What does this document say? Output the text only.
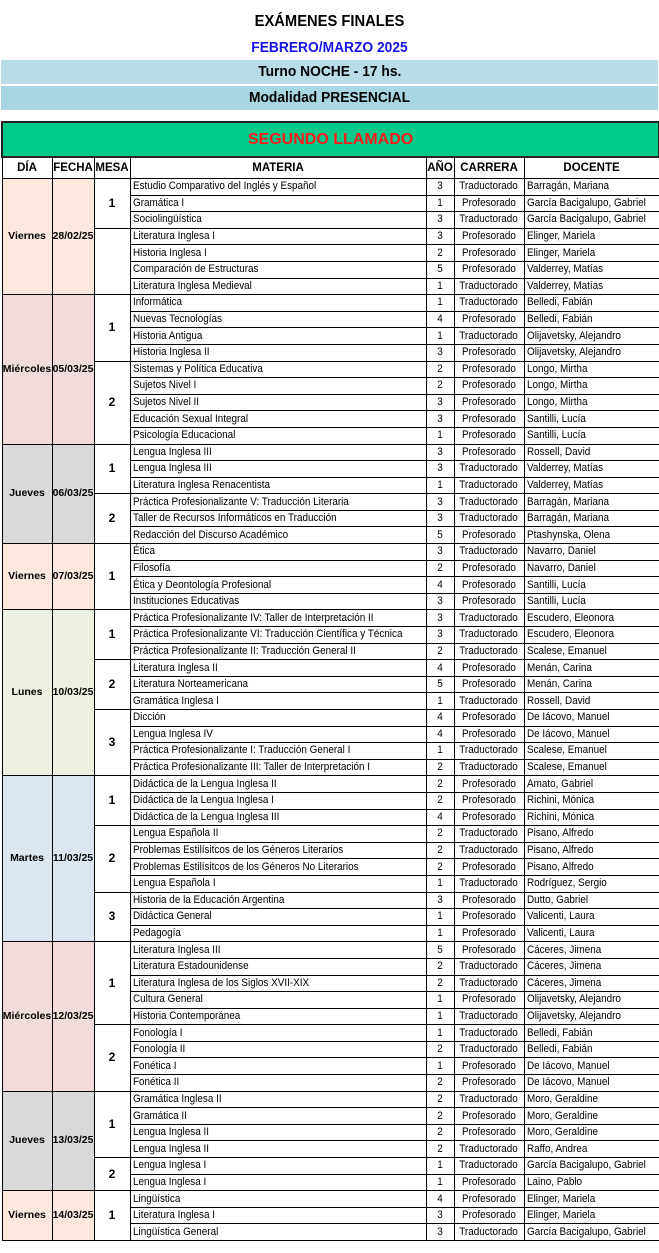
EXÁMENES FINALES
FEBRERO/MARZO 2025
Turno NOCHE - 17 hs.
Modalidad PRESENCIAL
SEGUNDO LLAMADO						
DÍA	FECHA	MESA	MATERIA	AÑO	CARRERA	DOCENTE
Viernes	28/02/25	1	Estudio Comparativo del Inglés y Español	3	Traductorado	Barragán, Mariana
			Gramática I	1	Profesorado	García Bacigalupo, Gabriel
			Sociolingüística	3	Traductorado	García Bacigalupo, Gabriel
			Literatura Inglesa I	3	Profesorado	Elinger, Mariela
			Historia Inglesa I	2	Profesorado	Elinger, Mariela
			Comparación de Estructuras	5	Profesorado	Valderrey, Matías
			Literatura Inglesa Medieval	1	Traductorado	Valderrey, Matías
Miércoles	05/03/25	1	Informática	1	Traductorado	Belledi, Fabián
			Nuevas Tecnologías	4	Profesorado	Belledi, Fabián
			Historia Antigua	1	Traductorado	Olijavetsky, Alejandro
			Historia Inglesa II	3	Profesorado	Olijavetsky, Alejandro
		2	Sistemas y Política Educativa	2	Profesorado	Longo, Mirtha
			Sujetos Nivel I	2	Profesorado	Longo, Mirtha
			Sujetos Nivel II	3	Profesorado	Longo, Mirtha
			Educación Sexual Integral	3	Profesorado	Santilli, Lucía
			Psicología Educacional	1	Profesorado	Santilli, Lucía
Jueves	06/03/25	1	Lengua Inglesa III	3	Profesorado	Rossell, David
			Lengua Inglesa III	3	Traductorado	Valderrey, Matías
			Literatura Inglesa Renacentista	1	Traductorado	Valderrey, Matías
		2	Práctica Profesionalizante V: Traducción Literaria	3	Traductorado	Barragán, Mariana
			Taller de Recursos Informáticos en Traducción	3	Traductorado	Barragán, Mariana
			Redacción del Discurso Académico	5	Profesorado	Ptashynska, Olena
Viernes	07/03/25	1	Ética	3	Traductorado	Navarro, Daniel
			Filosofía	2	Profesorado	Navarro, Daniel
			Ética y Deontología Profesional	4	Profesorado	Santilli, Lucía
			Instituciones Educativas	3	Profesorado	Santilli, Lucía
Lunes	10/03/25	1	Práctica Profesionalizante IV: Taller de Interpretación II	3	Traductorado	Escudero, Eleonora
			Práctica Profesionalizante VI: Traducción Científica y Técnica	3	Traductorado	Escudero, Eleonora
			Práctica Profesionalizante II: Traducción General II	2	Traductorado	Scalese, Emanuel
		2	Literatura Inglesa II	4	Profesorado	Menán, Carina
			Literatura Norteamericana	5	Profesorado	Menán, Carina
			Gramática Inglesa I	1	Traductorado	Rossell, David
		3	Dicción	4	Profesorado	De Iácovo, Manuel
			Lengua Inglesa IV	4	Profesorado	De Iácovo, Manuel
			Práctica Profesionalizante I: Traducción General I	1	Traductorado	Scalese, Emanuel
			Práctica Profesionalizante III: Taller de Interpretación I	2	Traductorado	Scalese, Emanuel
Martes	11/03/25	1	Didáctica de la Lengua Inglesa II	2	Profesorado	Amato, Gabriel
			Didáctica de la Lengua Inglesa I	2	Profesorado	Richini, Mónica
			Didáctica de la Lengua Inglesa III	4	Profesorado	Richini, Mónica
		2	Lengua Española II	2	Traductorado	Pisano, Alfredo
			Problemas Estilísitcos de los Géneros Literarios	2	Traductorado	Pisano, Alfredo
			Problemas Estilísitcos de los Géneros No Literarios	2	Profesorado	Pisano, Alfredo
			Lengua Española I	1	Traductorado	Rodríguez, Sergio
		3	Historia de la Educación Argentina	3	Profesorado	Dutto, Gabriel
			Didáctica General	1	Profesorado	Valicenti, Laura
			Pedagogía	1	Profesorado	Valicenti, Laura
Miércoles	12/03/25	1	Literatura Inglesa III	5	Profesorado	Cáceres, Jimena
			Literatura Estadounidense	2	Traductorado	Cáceres, Jimena
			Literatura Inglesa de los Siglos XVII-XIX	2	Traductorado	Cáceres, Jimena
			Cultura General	1	Profesorado	Olijavetsky, Alejandro
			Historia Contemporánea	1	Traductorado	Olijavetsky, Alejandro
		2	Fonología I	1	Traductorado	Belledi, Fabián
			Fonología II	2	Traductorado	Belledi, Fabián
			Fonética I	1	Profesorado	De Iácovo, Manuel
			Fonética II	2	Profesorado	De Iácovo, Manuel
Jueves	13/03/25	1	Gramática Inglesa II	2	Traductorado	Moro, Geraldine
			Gramática II	2	Profesorado	Moro, Geraldine
			Lengua Inglesa II	2	Profesorado	Moro, Geraldine
			Lengua Inglesa II	2	Traductorado	Raffo, Andrea
		2	Lengua Inglesa I	1	Traductorado	García Bacigalupo, Gabriel
			Lengua Inglesa I	1	Profesorado	Laino, Pablo
Viernes	14/03/25	1	Lingüística	4	Profesorado	Elinger, Mariela
			Literatura Inglesa I	3	Profesorado	Elinger, Mariela
			Lingüística General	3	Traductorado	García Bacigalupo, Gabriel
